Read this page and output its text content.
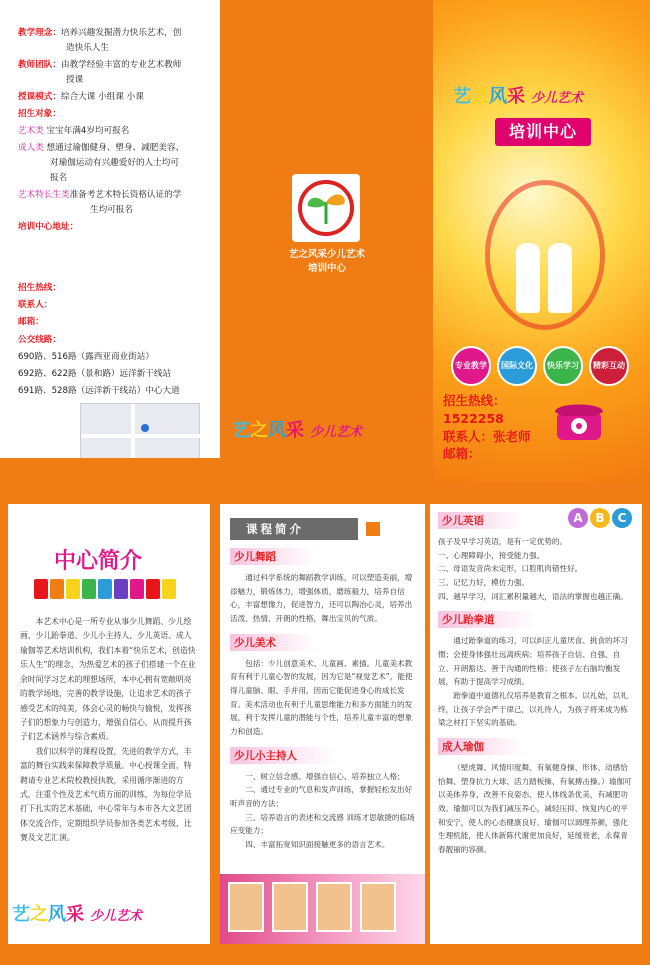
教学理念：培养兴趣发掘潜力快乐艺术，创
造快乐人生
教师团队：由教学经验丰富的专业艺术教师
授课
授课模式：综合大课 小组课 小课
招生对象：
艺术类 宝宝年满4岁均可报名
成人类 想通过瑜伽健身、塑身、减肥美容、
对瑜伽运动有兴趣爱好的人士均可
报名
艺术特长生类准备考艺术特长资格认证的学
生均可报名
培训中心地址：
招生热线：
联系人：
邮箱：
公交线路：
690路、516路（露西亚商业街站）
692路、622路（景和路）远洋新干线站
691路、528路（远洋新干线站）中心大道
艺之风采少儿艺术
培训中心
艺之风采 少儿艺术
艺之风采 少儿艺术
培训中心
专业教学	国际文化	快乐学习	精彩互动
招生热线：
1522258
联系人：张老师
邮箱：
中心简介

本艺术中心是一所专业从事少儿舞蹈、少儿绘画、少儿跆拳道、少儿小主持人、少儿英语、成人瑜伽等艺术培训机构，我们本着“快乐艺术，创造快乐人生”的理念，为热爱艺术的孩子们搭建一个在业余时间学习艺术的理想场所，本中心拥有宽敞明亮的教学场地，完善的教学设施，让追求艺术的孩子感受艺术的纯美，体会心灵的畅快与愉悦，发挥孩子们的想象力与创造力，增强自信心，从而提升孩子们艺术涵养与综合素质。

我们以科学的课程设置，先进的教学方式，丰富的舞台实践来保障教学质量。中心授课全面，特聘请专业艺术院校教授执教，采用循序渐进的方式，注重个性及艺术气质方面的训练，为每位学员打下扎实的艺术基础，中心常年与本市各大文艺团体交流合作，定期组织学员参加各类艺术考级、比赛及文艺汇演。

艺之风采 少儿艺术
课程简介
少儿舞蹈

通过科学系统的舞蹈教学训练，可以塑造美丽，增添魅力，锻炼体力，增强体质，磨练毅力，培养自信心，丰富想像力，促进智力，还可以陶冶心灵，培养出活泼、热情、开朗的性格，舞出宝贝的气质。

少儿美术

包括：少儿创意美术、儿童画、素描。儿童美术教育有利于儿童心智的发展，因为它是“视觉艺术”，能使得儿童脑、眼、手并用，因而它能促进身心的成长发育。美术活动也有利于儿童思维能力和多方面能力的发展，利于发挥儿童的潜能与个性，培养儿童丰富的想象力和创造。

少儿小主持人

一、树立信念感、增强自信心、培养独立人格；

二、通过专业的气息和发声训练，掌握轻松发出好听声音的方法；

三、培养语言的表述和交流感 训练才思敏捷的临场应变能力；

四、丰富拓宽知识面接触更多的语言艺术。

A	B	C
少儿英语

孩子及早学习英语，是有一定优势的。

一、心理障碍小，接受能力强。

二、母语发音尚未定形，口腔肌肉错性好。

三、记忆力好，模仿力强。

四、越早学习，词汇累积量越大，语法的掌握也越正确。

少儿跆拳道

通过跆拳道的练习，可以纠正儿童厌食、挑食的坏习惯；会使身体强壮远离疾病；培养孩子自信、自强、自立、开朗豁达、善于沟通的性格；使孩子左右脑均衡发展，有助于提高学习成绩。

跆拳道中道德礼仪培养是教育之根本。以礼始，以礼终，让孩子学会严于律己，以礼待人，为孩子将来成为栋梁之材打下坚实的基础。

成人瑜伽

（壁虎舞、风情印度舞、有氧健身操、形体、动感恰恰舞、塑身抗力大球、活力踏板操、有氧搏击操。）瑜伽可以美体养身，改善不良姿态、使人体线条优美，有减肥功效。瑜伽可以为我们减压养心，减轻压抑、恢复内心的平和安宁，使人的心态健康良好。瑜伽可以调理养颜，强化生理机能，使人体新陈代谢更加良好，延缓衰老，永葆青春靓丽的容颜。
